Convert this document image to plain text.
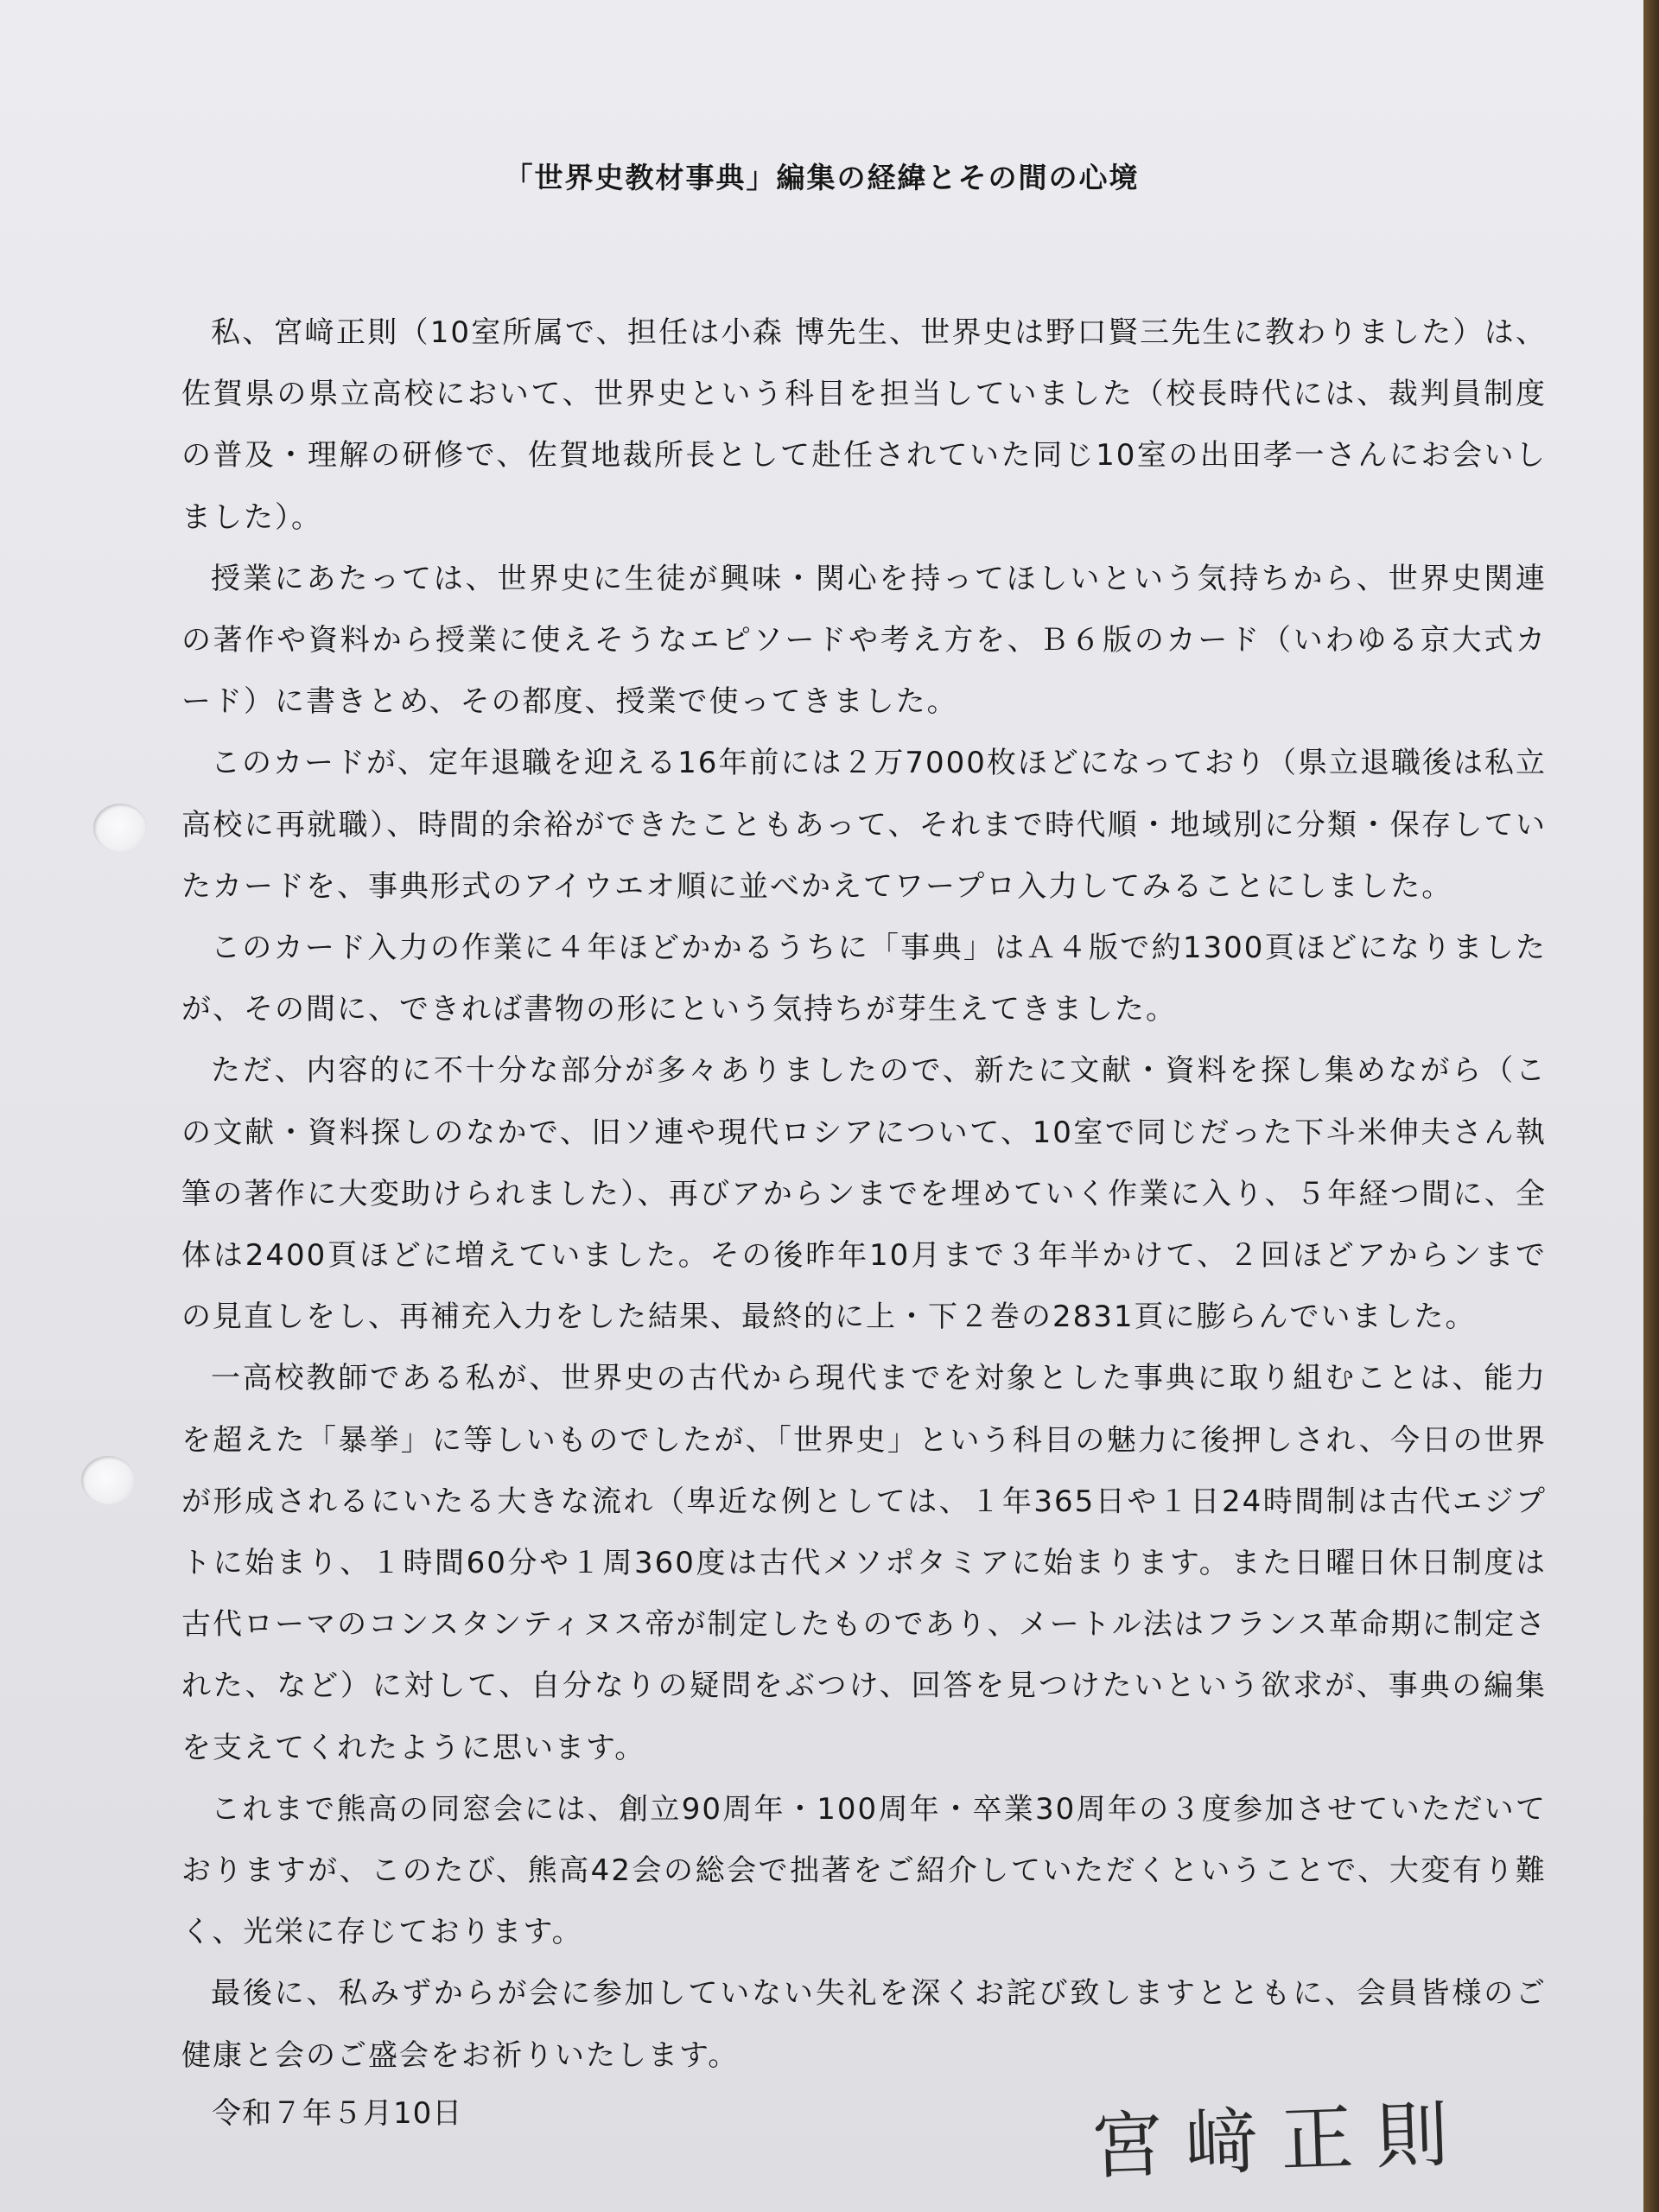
「世界史教材事典」編集の経緯とその間の心境

私、宮﨑正則（10室所属で、担任は小森 博先生、世界史は野口賢三先生に教わりました）は、佐賀県の県立高校において、世界史という科目を担当していました（校長時代には、裁判員制度の普及・理解の研修で、佐賀地裁所長として赴任されていた同じ10室の出田孝一さんにお会いしました）。

授業にあたっては、世界史に生徒が興味・関心を持ってほしいという気持ちから、世界史関連の著作や資料から授業に使えそうなエピソードや考え方を、Ｂ６版のカード（いわゆる京大式カード）に書きとめ、その都度、授業で使ってきました。

このカードが、定年退職を迎える16年前には２万7000枚ほどになっており（県立退職後は私立高校に再就職）、時間的余裕ができたこともあって、それまで時代順・地域別に分類・保存していたカードを、事典形式のアイウエオ順に並べかえてワープロ入力してみることにしました。

このカード入力の作業に４年ほどかかるうちに「事典」はＡ４版で約1300頁ほどになりましたが、その間に、できれば書物の形にという気持ちが芽生えてきました。

ただ、内容的に不十分な部分が多々ありましたので、新たに文献・資料を探し集めながら（この文献・資料探しのなかで、旧ソ連や現代ロシアについて、10室で同じだった下斗米伸夫さん執筆の著作に大変助けられました）、再びアからンまでを埋めていく作業に入り、５年経つ間に、全体は2400頁ほどに増えていました。その後昨年10月まで３年半かけて、２回ほどアからンまでの見直しをし、再補充入力をした結果、最終的に上・下２巻の2831頁に膨らんでいました。

一高校教師である私が、世界史の古代から現代までを対象とした事典に取り組むことは、能力を超えた「暴挙」に等しいものでしたが、「世界史」という科目の魅力に後押しされ、今日の世界が形成されるにいたる大きな流れ（卑近な例としては、１年365日や１日24時間制は古代エジプトに始まり、１時間60分や１周360度は古代メソポタミアに始まります。また日曜日休日制度は古代ローマのコンスタンティヌス帝が制定したものであり、メートル法はフランス革命期に制定された、など）に対して、自分なりの疑問をぶつけ、回答を見つけたいという欲求が、事典の編集を支えてくれたように思います。

これまで熊高の同窓会には、創立90周年・100周年・卒業30周年の３度参加させていただいておりますが、このたび、熊高42会の総会で拙著をご紹介していただくということで、大変有り難く、光栄に存じております。

最後に、私みずからが会に参加していない失礼を深くお詫び致しますとともに、会員皆様のご健康と会のご盛会をお祈りいたします。

令和７年５月10日	宮﨑正則
